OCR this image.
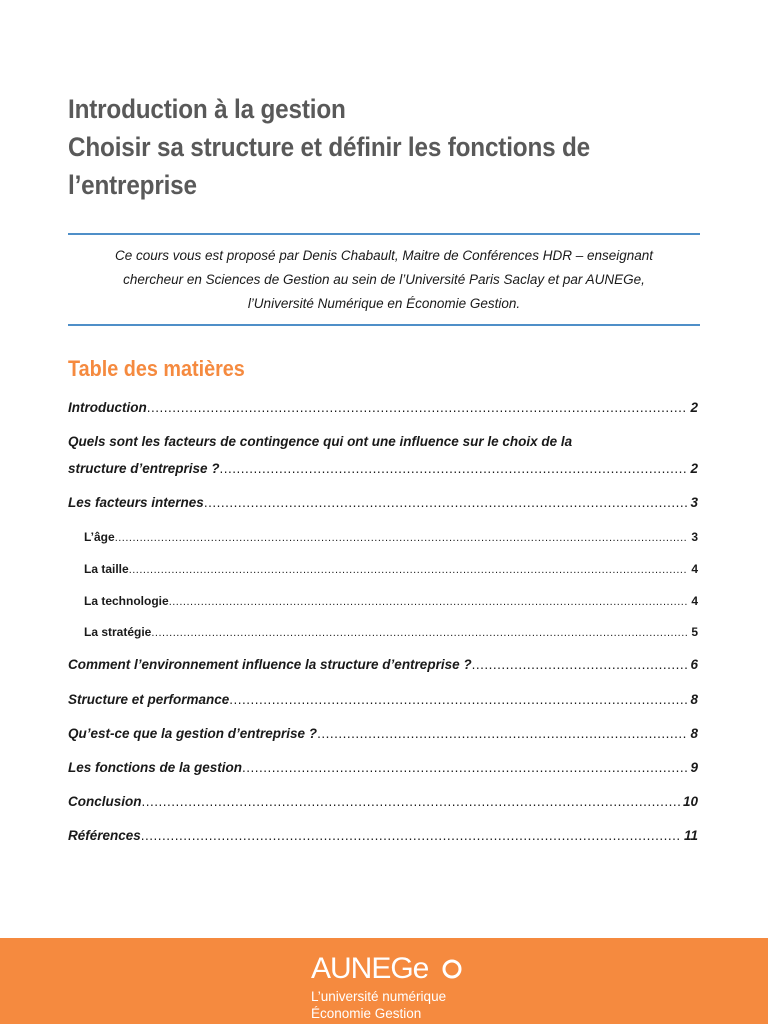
Introduction à la gestion
Choisir sa structure et définir les fonctions de
l’entreprise
Ce cours vous est proposé par Denis Chabault, Maitre de Conférences HDR – enseignant
chercheur en Sciences de Gestion au sein de l’Université Paris Saclay et par AUNEGe,
l’Université Numérique en Économie Gestion.
Table des matières
Introduction .....	2
Quels sont les facteurs de contingence qui ont une influence sur le choix de la
structure d’entreprise ? .....	2
Les facteurs internes .....	3
L’âge .....	3
La taille .....	4
La technologie .....	4
La stratégie .....	5
Comment l’environnement influence la structure d’entreprise ? .....	6
Structure et performance .....	8
Qu’est-ce que la gestion d’entreprise ? .....	8
Les fonctions de la gestion .....	9
Conclusion .....	10
Références .....	11
AUNEGe
L’université numérique
Économie Gestion
